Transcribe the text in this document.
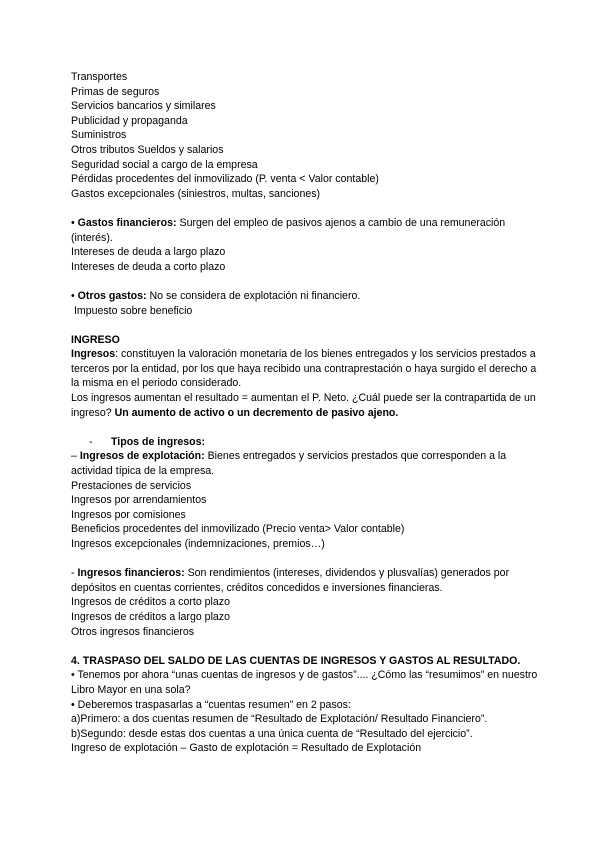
Transportes
Primas de seguros
Servicios bancarios y similares
Publicidad y propaganda
Suministros
Otros tributos Sueldos y salarios
Seguridad social a cargo de la empresa
Pérdidas procedentes del inmovilizado (P. venta < Valor contable)
Gastos excepcionales (siniestros, multas, sanciones)
• Gastos financieros: Surgen del empleo de pasivos ajenos a cambio de una remuneración (interés).
Intereses de deuda a largo plazo
Intereses de deuda a corto plazo
• Otros gastos: No se considera de explotación ni financiero.
Impuesto sobre beneficio
INGRESO
Ingresos: constituyen la valoración monetaria de los bienes entregados y los servicios prestados a terceros por la entidad, por los que haya recibido una contraprestación o haya surgido el derecho a la misma en el periodo considerado.
Los ingresos aumentan el resultado = aumentan el P. Neto. ¿Cuál puede ser la contrapartida de un ingreso? Un aumento de activo o un decremento de pasivo ajeno.
- Tipos de ingresos:
– Ingresos de explotación: Bienes entregados y servicios prestados que corresponden a la actividad típica de la empresa.
Prestaciones de servicios
Ingresos por arrendamientos
Ingresos por comisiones
Beneficios procedentes del inmovilizado (Precio venta> Valor contable)
Ingresos excepcionales (indemnizaciones, premios…)
- Ingresos financieros: Son rendimientos (intereses, dividendos y plusvalías) generados por depósitos en cuentas corrientes, créditos concedidos e inversiones financieras.
Ingresos de créditos a corto plazo
Ingresos de créditos a largo plazo
Otros ingresos financieros
4. TRASPASO DEL SALDO DE LAS CUENTAS DE INGRESOS Y GASTOS AL RESULTADO.
• Tenemos por ahora “unas cuentas de ingresos y de gastos”.... ¿Cómo las “resumimos” en nuestro Libro Mayor en una sola?
• Deberemos traspasarlas a “cuentas resumen” en 2 pasos:
a)Primero: a dos cuentas resumen de “Resultado de Explotación/ Resultado Financiero”.
b)Segundo: desde estas dos cuentas a una única cuenta de “Resultado del ejercicio”.
Ingreso de explotación – Gasto de explotación = Resultado de Explotación
